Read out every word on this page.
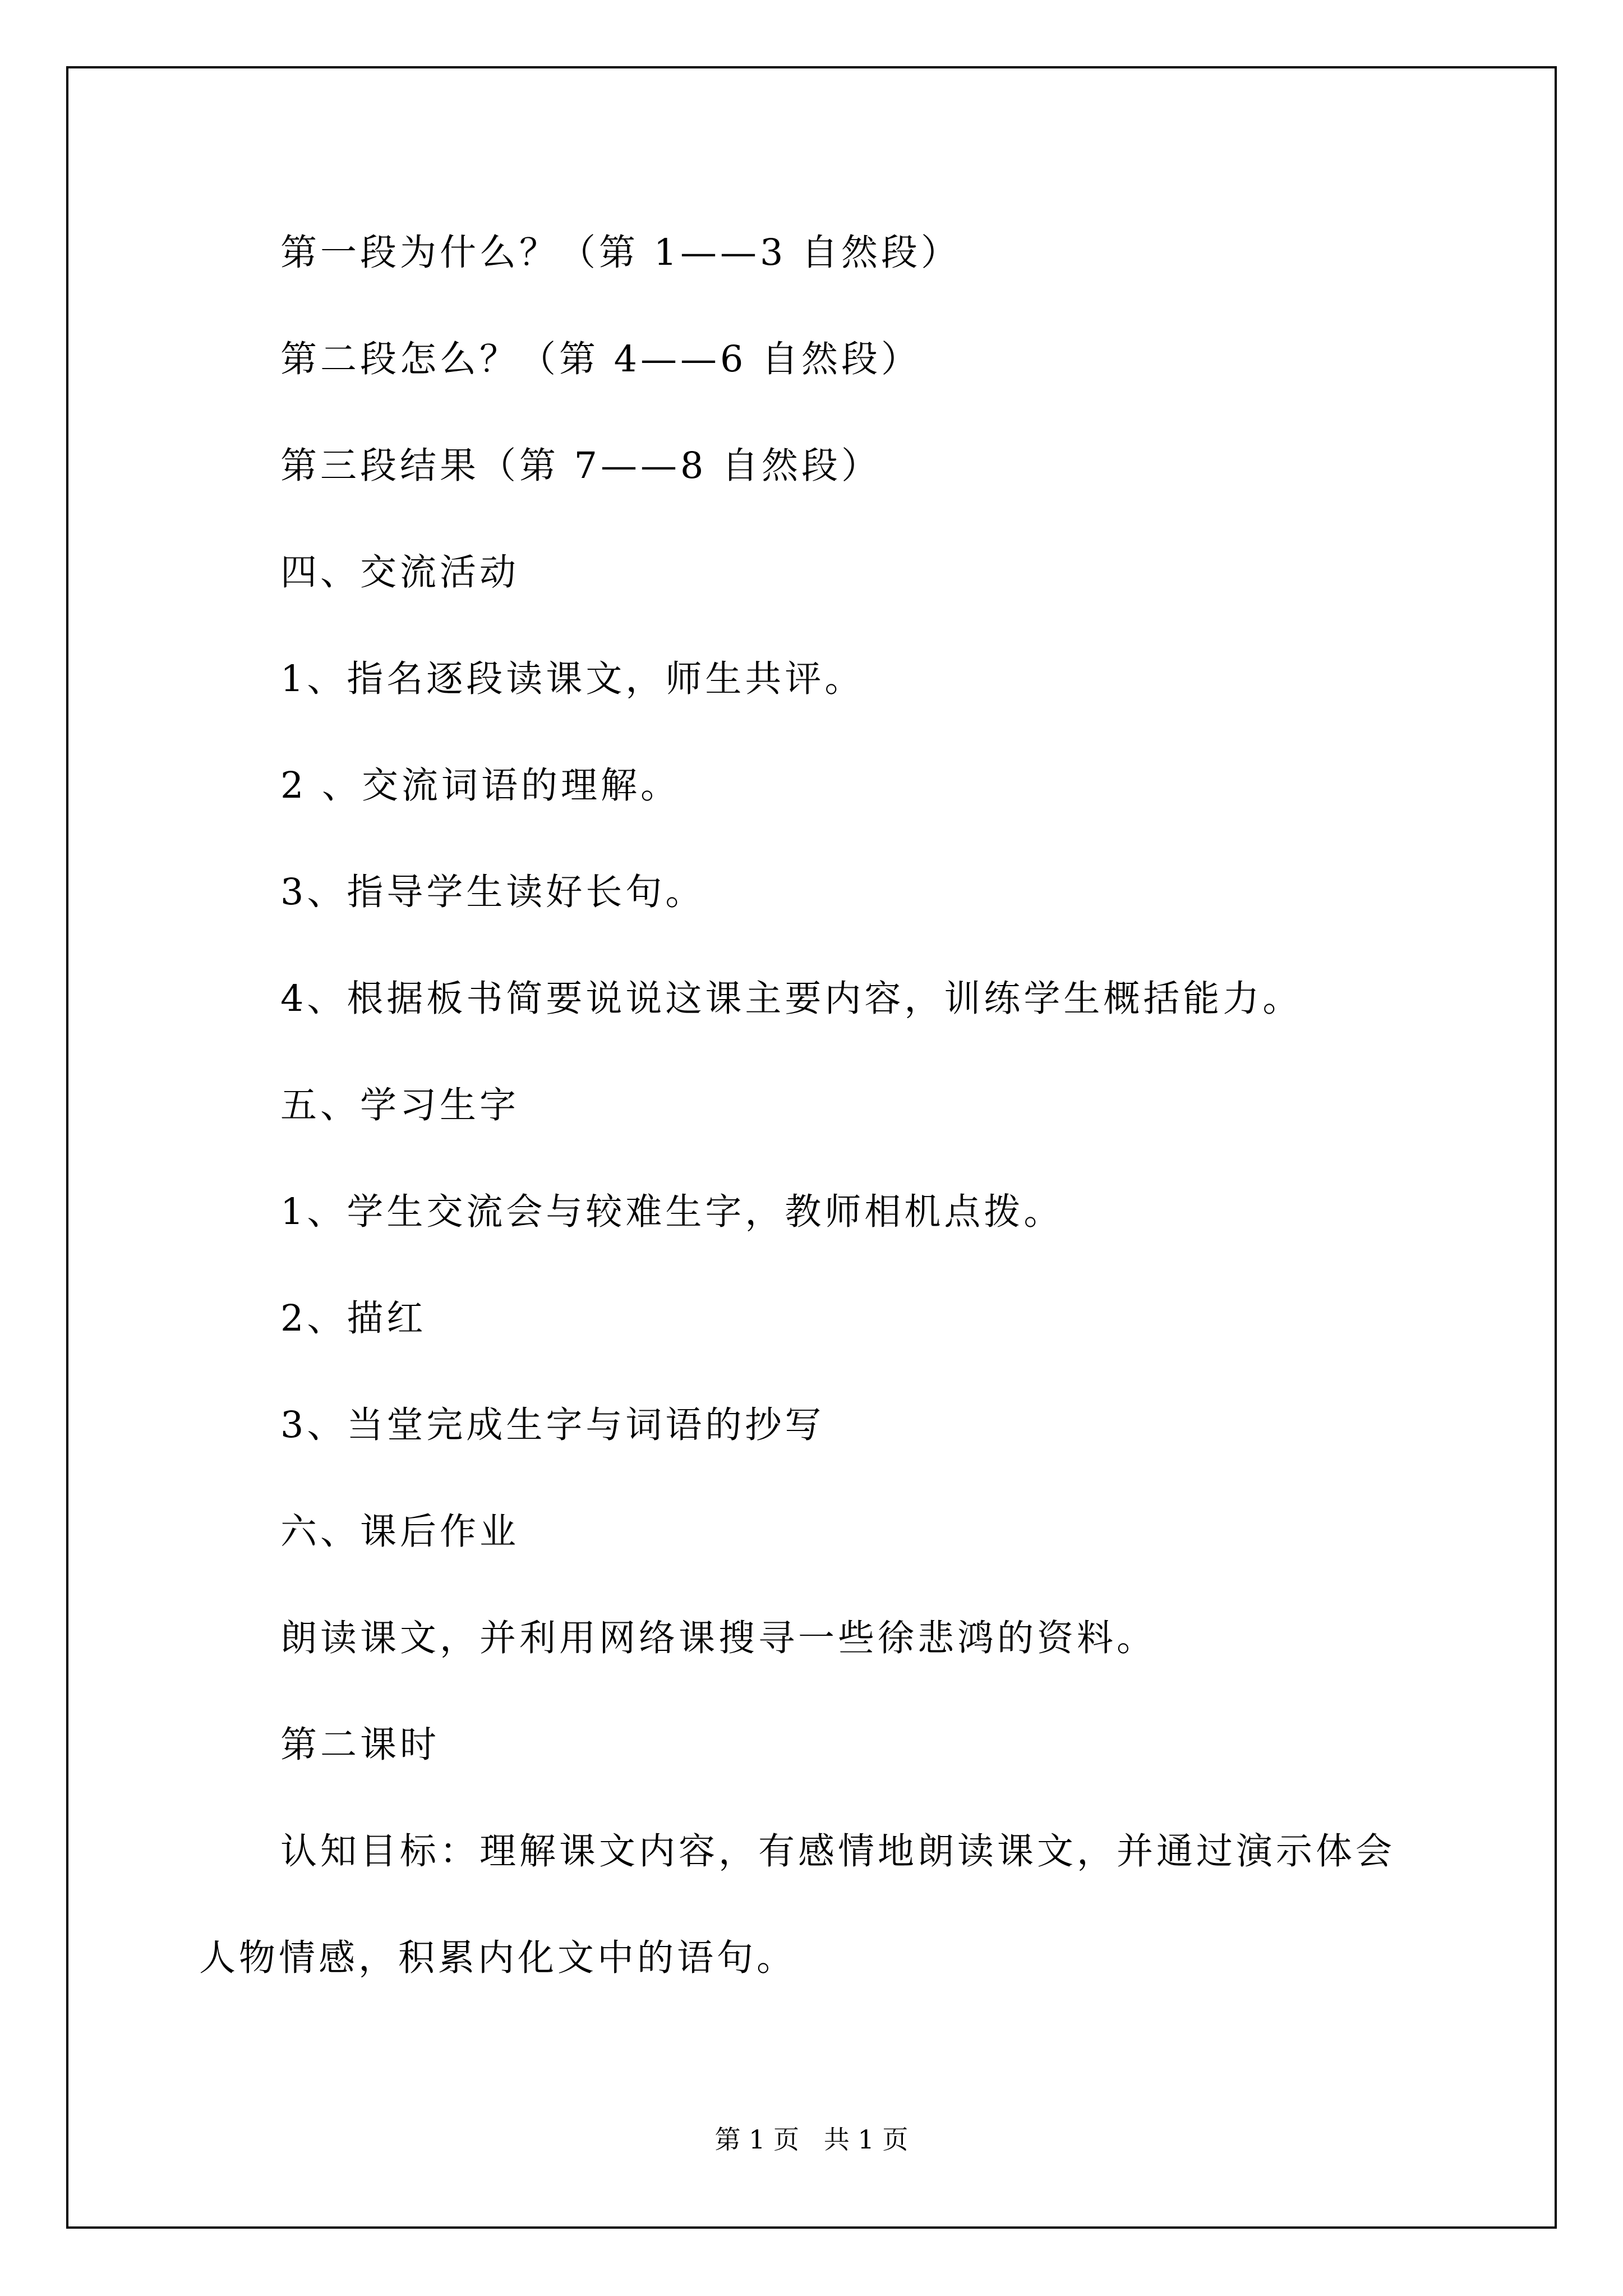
第一段为什么？（第 1——3 自然段）
第二段怎么？（第 4——6 自然段）
第三段结果（第 7——8 自然段）
四、交流活动
1、指名逐段读课文，师生共评。
2 、交流词语的理解。
3、指导学生读好长句。
4、根据板书简要说说这课主要内容，训练学生概括能力。
五、学习生字
1、学生交流会与较难生字，教师相机点拨。
2、描红
3、当堂完成生字与词语的抄写
六、课后作业
朗读课文，并利用网络课搜寻一些徐悲鸿的资料。
第二课时
认知目标：理解课文内容，有感情地朗读课文，并通过演示体会
人物情感，积累内化文中的语句。
第 1 页   共 1 页
